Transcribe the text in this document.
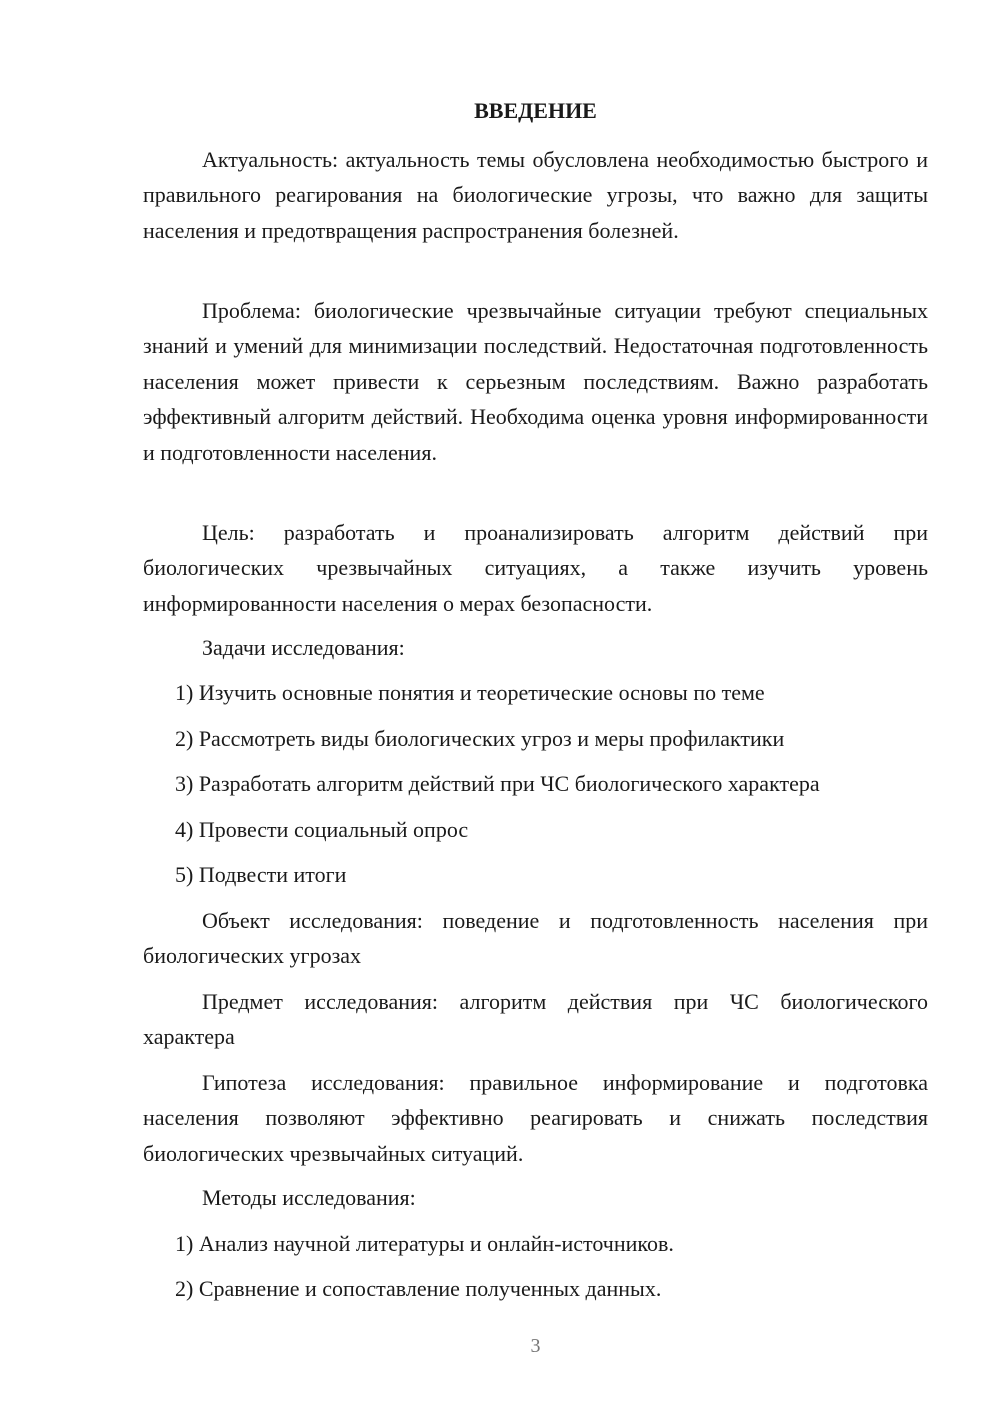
ВВЕДЕНИЕ

Актуальность: актуальность темы обусловлена необходимостью быстрого и правильного реагирования на биологические угрозы, что важно для защиты населения и предотвращения распространения болезней.

Проблема: биологические чрезвычайные ситуации требуют специальных знаний и умений для минимизации последствий. Недостаточная подготовленность населения может привести к серьезным последствиям. Важно разработать эффективный алгоритм действий. Необходима оценка уровня информированности и подготовленности населения.

Цель: разработать и проанализировать алгоритм действий при биологических чрезвычайных ситуациях, а также изучить уровень информированности населения о мерах безопасности.

Задачи исследования:

1) Изучить основные понятия и теоретические основы по теме

2) Рассмотреть виды биологических угроз и меры профилактики

3) Разработать алгоритм действий при ЧС биологического характера

4) Провести социальный опрос

5) Подвести итоги

Объект исследования: поведение и подготовленность населения при биологических угрозах

Предмет исследования: алгоритм действия при ЧС биологического характера

Гипотеза исследования: правильное информирование и подготовка населения позволяют эффективно реагировать и снижать последствия биологических чрезвычайных ситуаций.

Методы исследования:

1) Анализ научной литературы и онлайн-источников.

2) Сравнение и сопоставление полученных данных.

3
